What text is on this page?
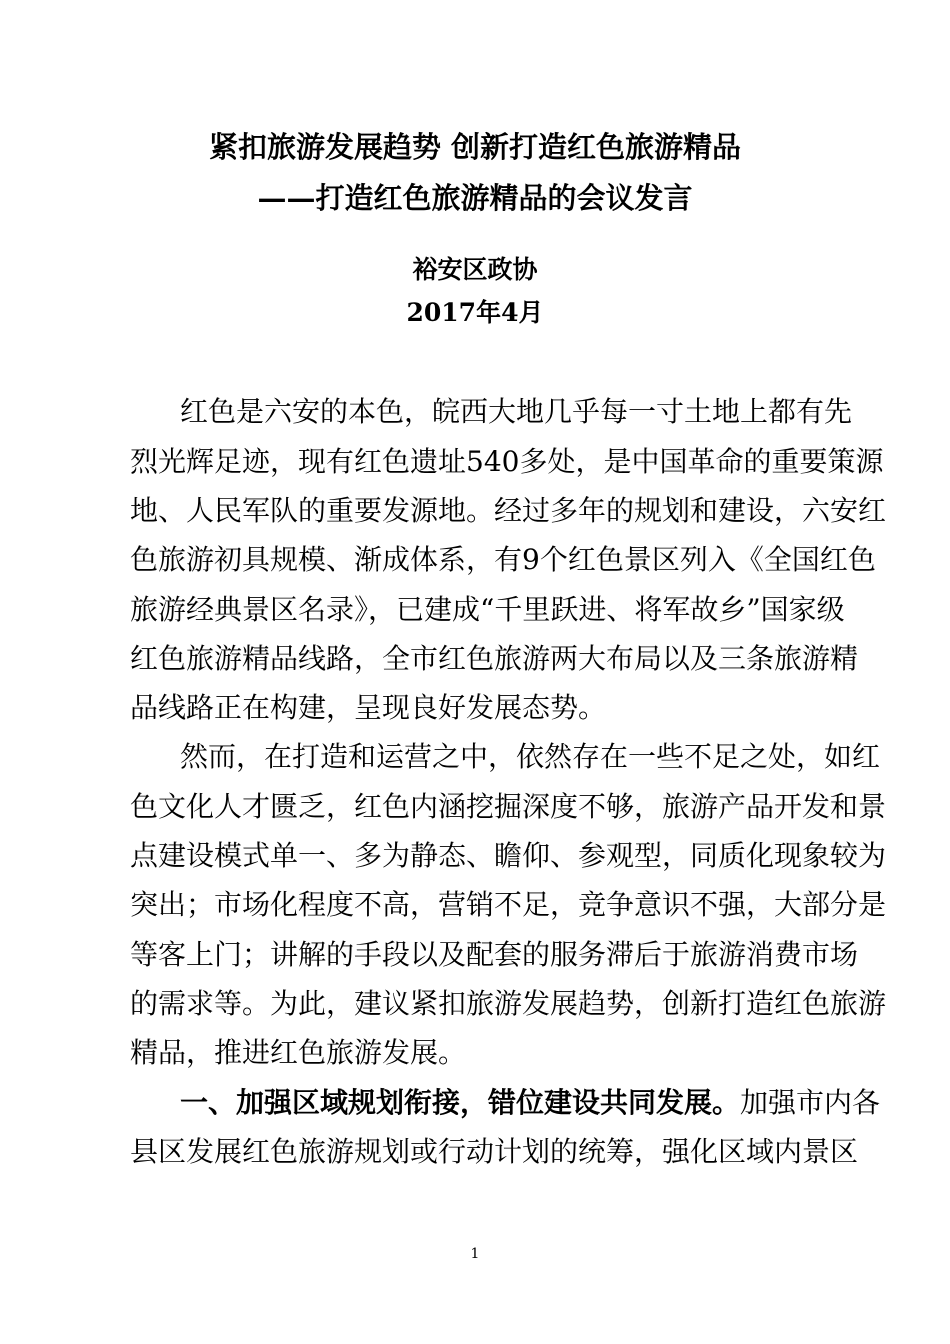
紧扣旅游发展趋势 创新打造红色旅游精品
——打造红色旅游精品的会议发言
裕安区政协
2017年4月
红色是六安的本色，皖西大地几乎每一寸土地上都有先
烈光辉足迹，现有红色遗址540多处，是中国革命的重要策源
地、人民军队的重要发源地。经过多年的规划和建设，六安红
色旅游初具规模、渐成体系，有9个红色景区列入《全国红色
旅游经典景区名录》，已建成“千里跃进、将军故乡”国家级
红色旅游精品线路，全市红色旅游两大布局以及三条旅游精
品线路正在构建，呈现良好发展态势。
然而，在打造和运营之中，依然存在一些不足之处，如红
色文化人才匮乏，红色内涵挖掘深度不够，旅游产品开发和景
点建设模式单一、多为静态、瞻仰、参观型，同质化现象较为
突出；市场化程度不高，营销不足，竞争意识不强，大部分是
等客上门；讲解的手段以及配套的服务滞后于旅游消费市场
的需求等。为此，建议紧扣旅游发展趋势，创新打造红色旅游
精品，推进红色旅游发展。
一、加强区域规划衔接，错位建设共同发展。加强市内各
县区发展红色旅游规划或行动计划的统筹，强化区域内景区
1
